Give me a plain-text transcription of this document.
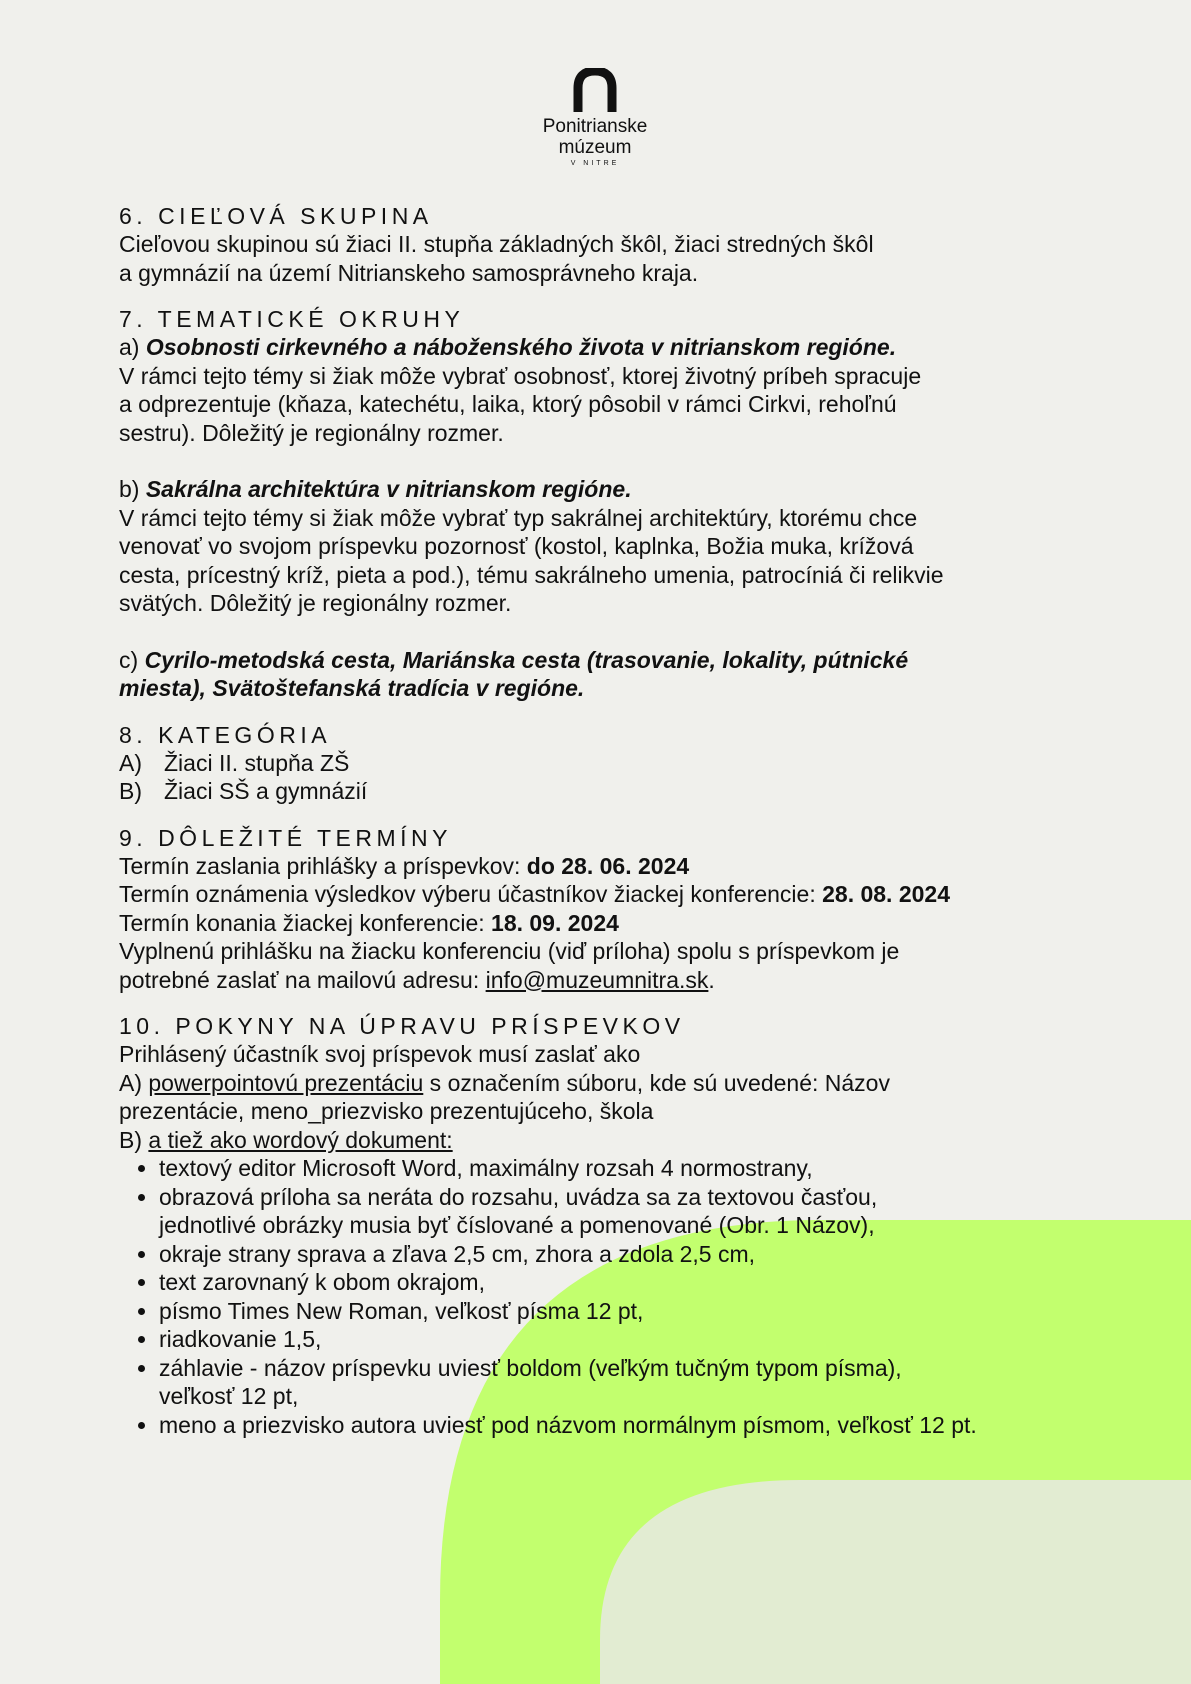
Ponitrianske
múzeum
V NITRE
6. CIEĽOVÁ SKUPINA

Cieľovou skupinou sú žiaci II. stupňa základných škôl, žiaci stredných škôl

a gymnázií na území Nitrianskeho samosprávneho kraja.

7. TEMATICKÉ OKRUHY

a) Osobnosti cirkevného a náboženského života v nitrianskom regióne.

V rámci tejto témy si žiak môže vybrať osobnosť, ktorej životný príbeh spracuje

a odprezentuje (kňaza, katechétu, laika, ktorý pôsobil v rámci Cirkvi, rehoľnú

sestru). Dôležitý je regionálny rozmer.

b) Sakrálna architektúra v nitrianskom regióne.

V rámci tejto témy si žiak môže vybrať typ sakrálnej architektúry, ktorému chce

venovať vo svojom príspevku pozornosť (kostol, kaplnka, Božia muka, krížová

cesta, prícestný kríž, pieta a pod.), tému sakrálneho umenia, patrocíniá či relikvie

svätých. Dôležitý je regionálny rozmer.

c) Cyrilo-metodská cesta, Mariánska cesta (trasovanie, lokality, pútnické

miesta), Svätoštefanská tradícia v regióne.

8. KATEGÓRIA

A) Žiaci II. stupňa ZŠ

B) Žiaci SŠ a gymnázií

9. DÔLEŽITÉ TERMÍNY

Termín zaslania prihlášky a príspevkov: do 28. 06. 2024

Termín oznámenia výsledkov výberu účastníkov žiackej konferencie: 28. 08. 2024

Termín konania žiackej konferencie: 18. 09. 2024

Vyplnenú prihlášku na žiacku konferenciu (viď príloha) spolu s príspevkom je

potrebné zaslať na mailovú adresu: info@muzeumnitra.sk.

10. POKYNY NA ÚPRAVU PRÍSPEVKOV

Prihlásený účastník svoj príspevok musí zaslať ako

A) powerpointovú prezentáciu s označením súboru, kde sú uvedené: Názov

prezentácie, meno_priezvisko prezentujúceho, škola

B) a tiež ako wordový dokument:

• textový editor Microsoft Word, maximálny rozsah 4 normostrany,
• obrazová príloha sa neráta do rozsahu, uvádza sa za textovou časťou,
jednotlivé obrázky musia byť číslované a pomenované (Obr. 1 Názov),
• okraje strany sprava a zľava 2,5 cm, zhora a zdola 2,5 cm,
• text zarovnaný k obom okrajom,
• písmo Times New Roman, veľkosť písma 12 pt,
• riadkovanie 1,5,
• záhlavie - názov príspevku uviesť boldom (veľkým tučným typom písma),
veľkosť 12 pt,
• meno a priezvisko autora uviesť pod názvom normálnym písmom, veľkosť 12 pt.
